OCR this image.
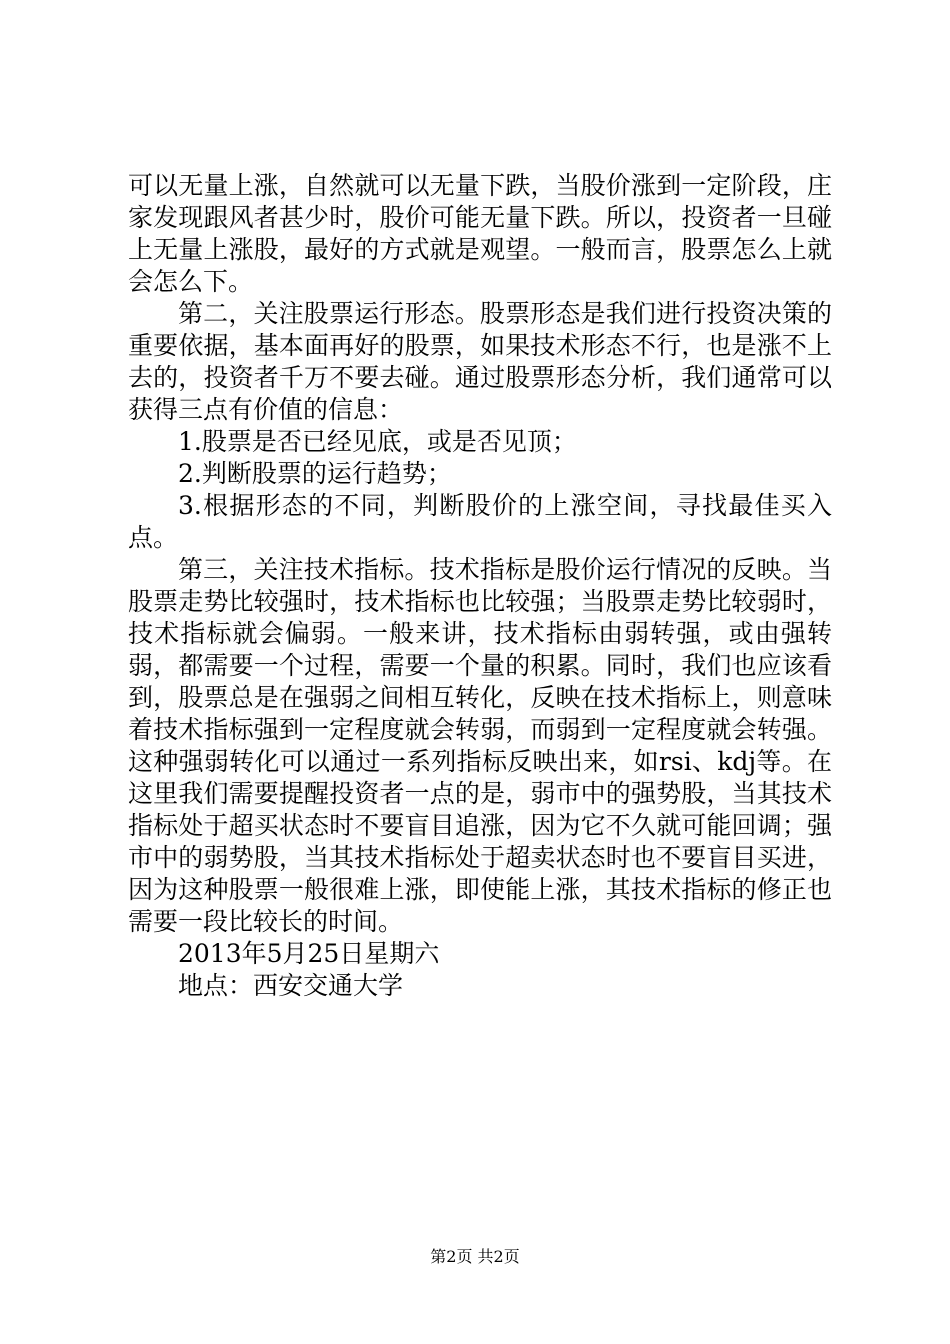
可以无量上涨，自然就可以无量下跌，当股价涨到一定阶段，庄家发现跟风者甚少时，股价可能无量下跌。所以，投资者一旦碰上无量上涨股，最好的方式就是观望。一般而言，股票怎么上就会怎么下。

第二，关注股票运行形态。股票形态是我们进行投资决策的重要依据，基本面再好的股票，如果技术形态不行，也是涨不上去的，投资者千万不要去碰。通过股票形态分析，我们通常可以获得三点有价值的信息：

1.股票是否已经见底，或是否见顶；

2.判断股票的运行趋势；

3.根据形态的不同，判断股价的上涨空间，寻找最佳买入点。

第三，关注技术指标。技术指标是股价运行情况的反映。当股票走势比较强时，技术指标也比较强；当股票走势比较弱时，技术指标就会偏弱。一般来讲，技术指标由弱转强，或由强转弱，都需要一个过程，需要一个量的积累。同时，我们也应该看到，股票总是在强弱之间相互转化，反映在技术指标上，则意味着技术指标强到一定程度就会转弱，而弱到一定程度就会转强。这种强弱转化可以通过一系列指标反映出来，如rsi、kdj等。在这里我们需要提醒投资者一点的是，弱市中的强势股，当其技术指标处于超买状态时不要盲目追涨，因为它不久就可能回调；强市中的弱势股，当其技术指标处于超卖状态时也不要盲目买进，因为这种股票一般很难上涨，即使能上涨，其技术指标的修正也需要一段比较长的时间。

2013年5月25日星期六

地点：西安交通大学

第2页 共2页
